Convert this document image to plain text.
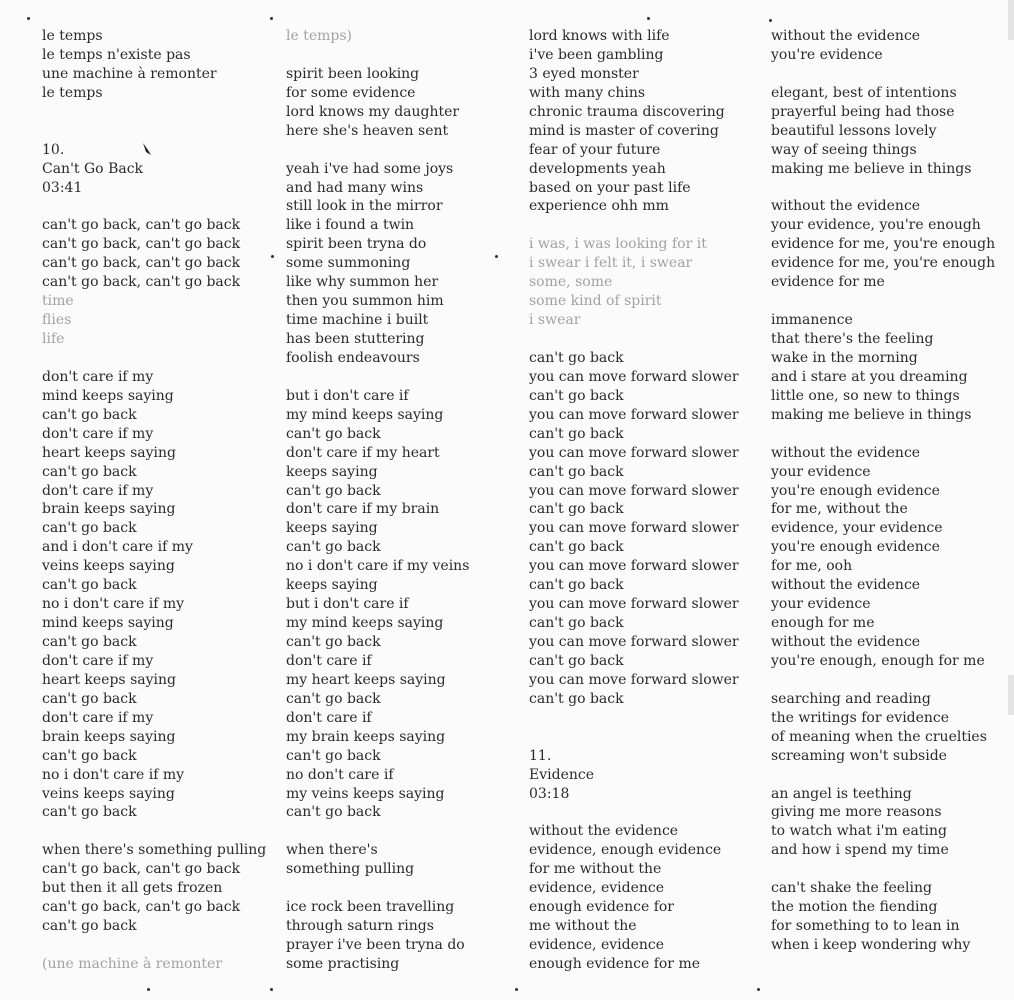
le temps
le temps n'existe pas
une machine à remonter
le temps
10.
Can't Go Back
03:41
can't go back, can't go back
can't go back, can't go back
can't go back, can't go back
can't go back, can't go back
time
flies
life
don't care if my
mind keeps saying
can't go back
don't care if my
heart keeps saying
can't go back
don't care if my
brain keeps saying
can't go back
and i don't care if my
veins keeps saying
can't go back
no i don't care if my
mind keeps saying
can't go back
don't care if my
heart keeps saying
can't go back
don't care if my
brain keeps saying
can't go back
no i don't care if my
veins keeps saying
can't go back
when there's something pulling
can't go back, can't go back
but then it all gets frozen
can't go back, can't go back
can't go back
(une machine à remonter
le temps)
spirit been looking
for some evidence
lord knows my daughter
here she's heaven sent
yeah i've had some joys
and had many wins
still look in the mirror
like i found a twin
spirit been tryna do
some summoning
like why summon her
then you summon him
time machine i built
has been stuttering
foolish endeavours
but i don't care if
my mind keeps saying
can't go back
don't care if my heart
keeps saying
can't go back
don't care if my brain
keeps saying
can't go back
no i don't care if my veins
keeps saying
but i don't care if
my mind keeps saying
can't go back
don't care if
my heart keeps saying
can't go back
don't care if
my brain keeps saying
can't go back
no don't care if
my veins keeps saying
can't go back
when there's
something pulling
ice rock been travelling
through saturn rings
prayer i've been tryna do
some practising
lord knows with life
i've been gambling
3 eyed monster
with many chins
chronic trauma discovering
mind is master of covering
fear of your future
developments yeah
based on your past life
experience ohh mm
i was, i was looking for it
i swear i felt it, i swear
some, some
some kind of spirit
i swear
can't go back
you can move forward slower
can't go back
you can move forward slower
can't go back
you can move forward slower
can't go back
you can move forward slower
can't go back
you can move forward slower
can't go back
you can move forward slower
can't go back
you can move forward slower
can't go back
you can move forward slower
can't go back
you can move forward slower
can't go back
11.
Evidence
03:18
without the evidence
evidence, enough evidence
for me without the
evidence, evidence
enough evidence for
me without the
evidence, evidence
enough evidence for me
without the evidence
you're evidence
elegant, best of intentions
prayerful being had those
beautiful lessons lovely
way of seeing things
making me believe in things
without the evidence
your evidence, you're enough
evidence for me, you're enough
evidence for me, you're enough
evidence for me
immanence
that there's the feeling
wake in the morning
and i stare at you dreaming
little one, so new to things
making me believe in things
without the evidence
your evidence
you're enough evidence
for me, without the
evidence, your evidence
you're enough evidence
for me, ooh
without the evidence
your evidence
enough for me
without the evidence
you're enough, enough for me
searching and reading
the writings for evidence
of meaning when the cruelties
screaming won't subside
an angel is teething
giving me more reasons
to watch what i'm eating
and how i spend my time
can't shake the feeling
the motion the fiending
for something to to lean in
when i keep wondering why
